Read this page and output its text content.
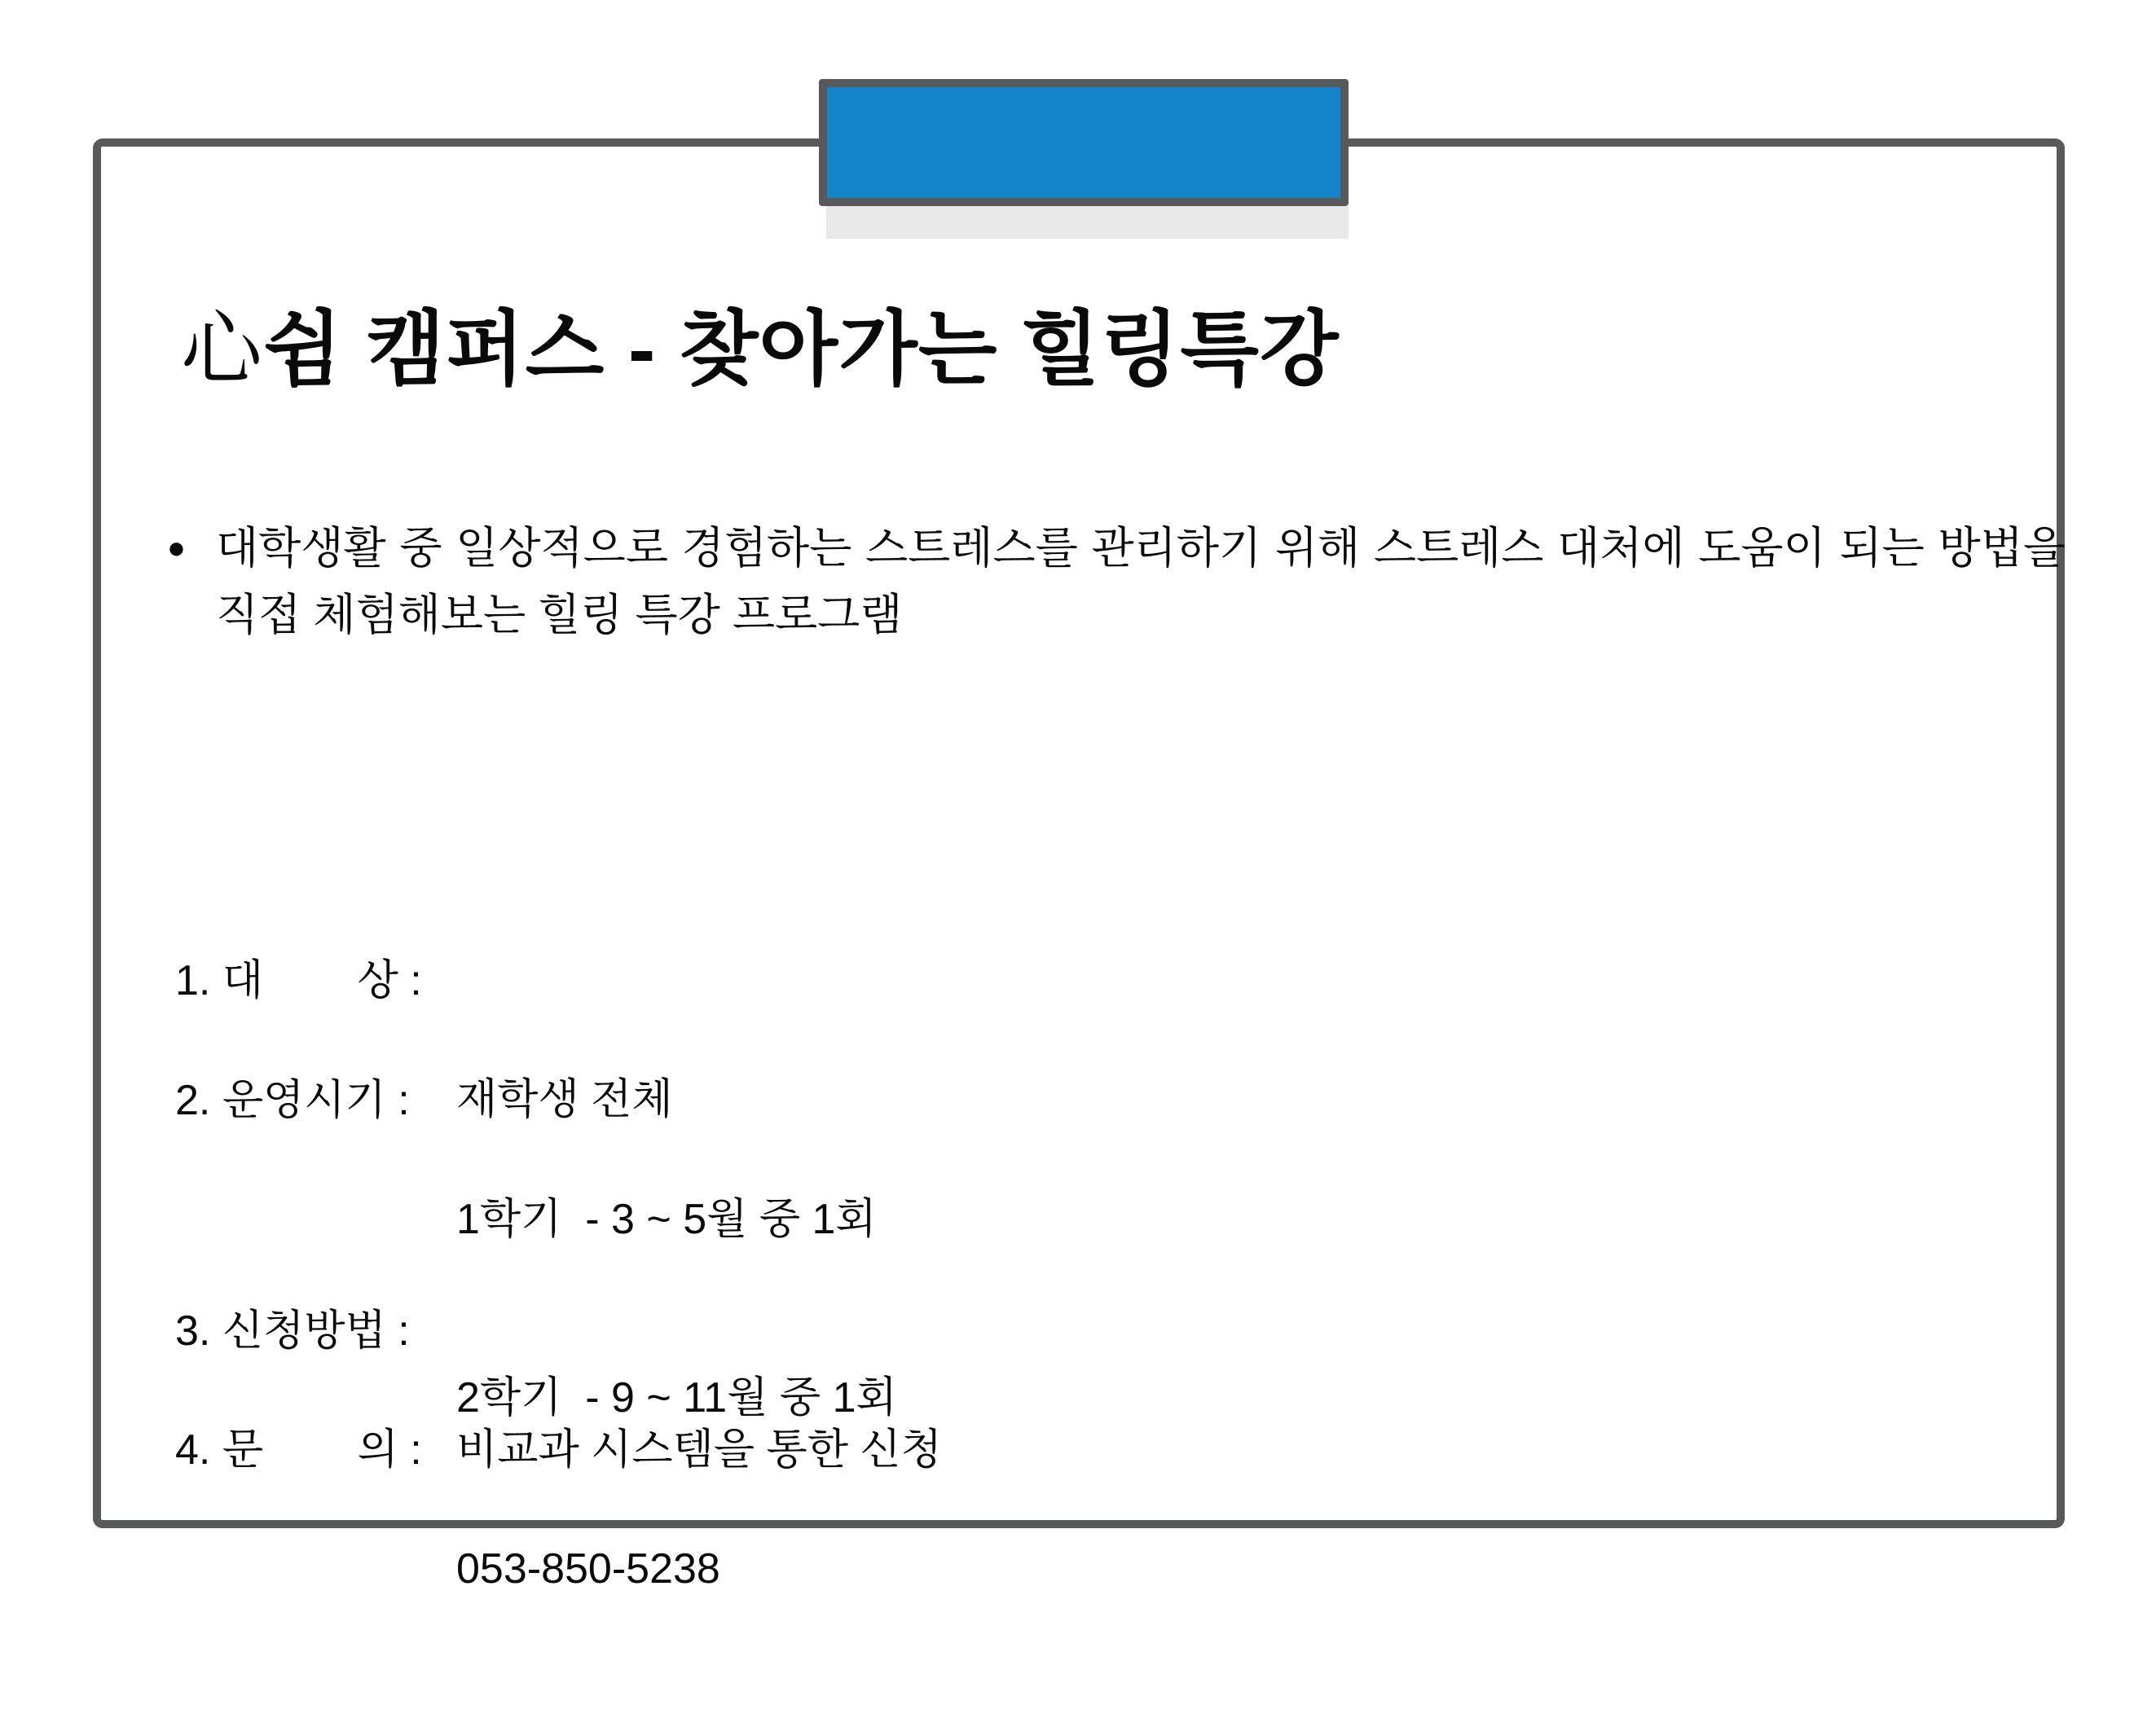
心쉼 캠퍼스 - 찾아가는 힐링특강
● 대학생활 중 일상적으로 경험하는 스트레스를 관리하기 위해 스트레스 대처에 도움이 되는 방법을 직접 체험해보는 힐링 특강 프로그램

1. 대        상 :

재학생 전체

2. 운영시기 :

1학기  - 3 ~ 5월 중 1회

2학기  - 9 ~ 11월 중 1회

3. 신청방법 :

비교과 시스템을 통한 신청

4. 문        의 :

053-850-5238
